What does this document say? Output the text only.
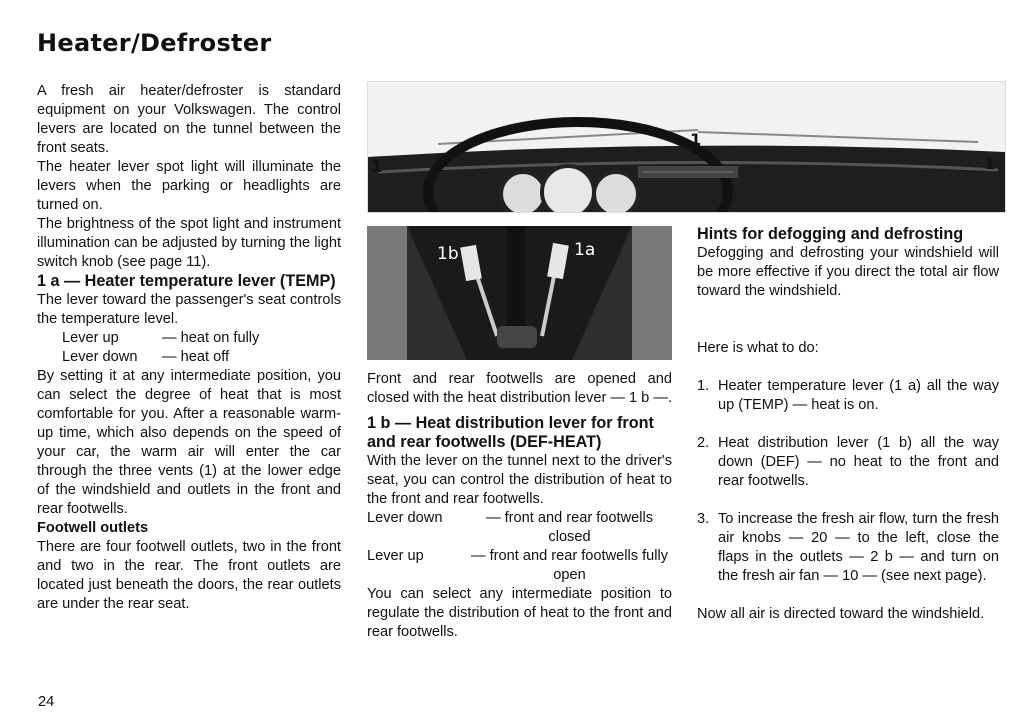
Heater/Defroster

A fresh air heater/defroster is standard equipment on your Volkswagen. The control levers are located on the tunnel between the front seats.

The heater lever spot light will illuminate the levers when the parking or headlights are turned on.

The brightness of the spot light and instrument illumination can be adjusted by turning the light switch knob (see page 11).

1 a — Heater temperature lever (TEMP)

The lever toward the passenger's seat controls the temperature level.

Lever up	— heat on fully
Lever down	— heat off

By setting it at any intermediate position, you can select the degree of heat that is most comfortable for you. After a reasonable warm-up time, which also depends on the speed of your car, the warm air will enter the car through the three vents (1) at the lower edge of the windshield and outlets in the front and rear footwells.

Footwell outlets

There are four footwell outlets, two in the front and two in the rear. The front outlets are located just beneath the doors, the rear outlets are under the rear seat.

24
1
1
1
1b	1a

Front and rear footwells are opened and closed with the heat distribution lever — 1 b —.

1 b — Heat distribution lever for front and rear footwells (DEF-HEAT)

With the lever on the tunnel next to the driver's seat, you can control the distribution of heat to the front and rear footwells.

Lever down	— front and rear footwells closed
Lever up	— front and rear footwells fully open

You can select any intermediate position to regulate the distribution of heat to the front and rear footwells.

Hints for defogging and defrosting

Defogging and defrosting your windshield will be more effective if you direct the total air flow toward the windshield.

Here is what to do:

1. Heater temperature lever (1 a) all the way up (TEMP) — heat is on.
2. Heat distribution lever (1 b) all the way down (DEF) — no heat to the front and rear footwells.
3. To increase the fresh air flow, turn the fresh air knobs — 20 — to the left, close the flaps in the outlets — 2 b — and turn on the fresh air fan — 10 — (see next page).

Now all air is directed toward the windshield.
